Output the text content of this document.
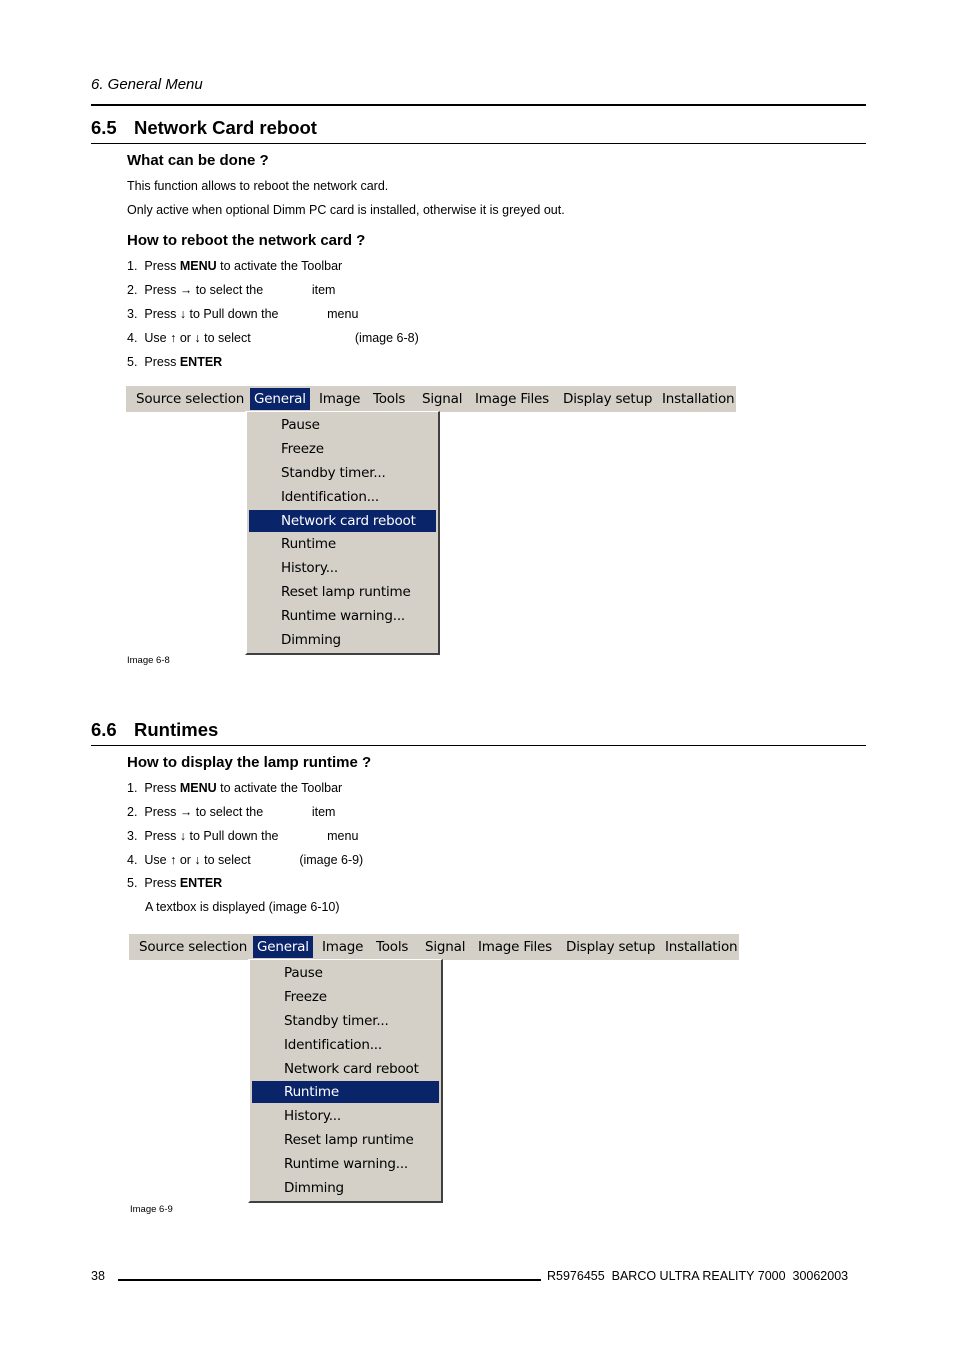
6. General Menu
6.5 Network Card reboot
What can be done ?
This function allows to reboot the network card.
Only active when optional Dimm PC card is installed, otherwise it is greyed out.
How to reboot the network card ?
1. Press MENU to activate the Toolbar
2. Press → to select the	item
3. Press ↓ to Pull down the	menu
4. Use ↑ or ↓ to select	(image 6-8)
5. Press ENTER
Source selection General Image Tools Signal Image Files Display setup Installation
Pause
Freeze
Standby timer...
Identification...
Network card reboot
Runtime
History...
Reset lamp runtime
Runtime warning...
Dimming
Image 6-8
6.6 Runtimes
How to display the lamp runtime ?
1. Press MENU to activate the Toolbar
2. Press → to select the	item
3. Press ↓ to Pull down the	menu
4. Use ↑ or ↓ to select	(image 6-9)
5. Press ENTER
A textbox is displayed (image 6-10)
Source selection General Image Tools Signal Image Files Display setup Installation
Pause
Freeze
Standby timer...
Identification...
Network card reboot
Runtime
History...
Reset lamp runtime
Runtime warning...
Dimming
Image 6-9
38	R5976455  BARCO ULTRA REALITY 7000  30062003
